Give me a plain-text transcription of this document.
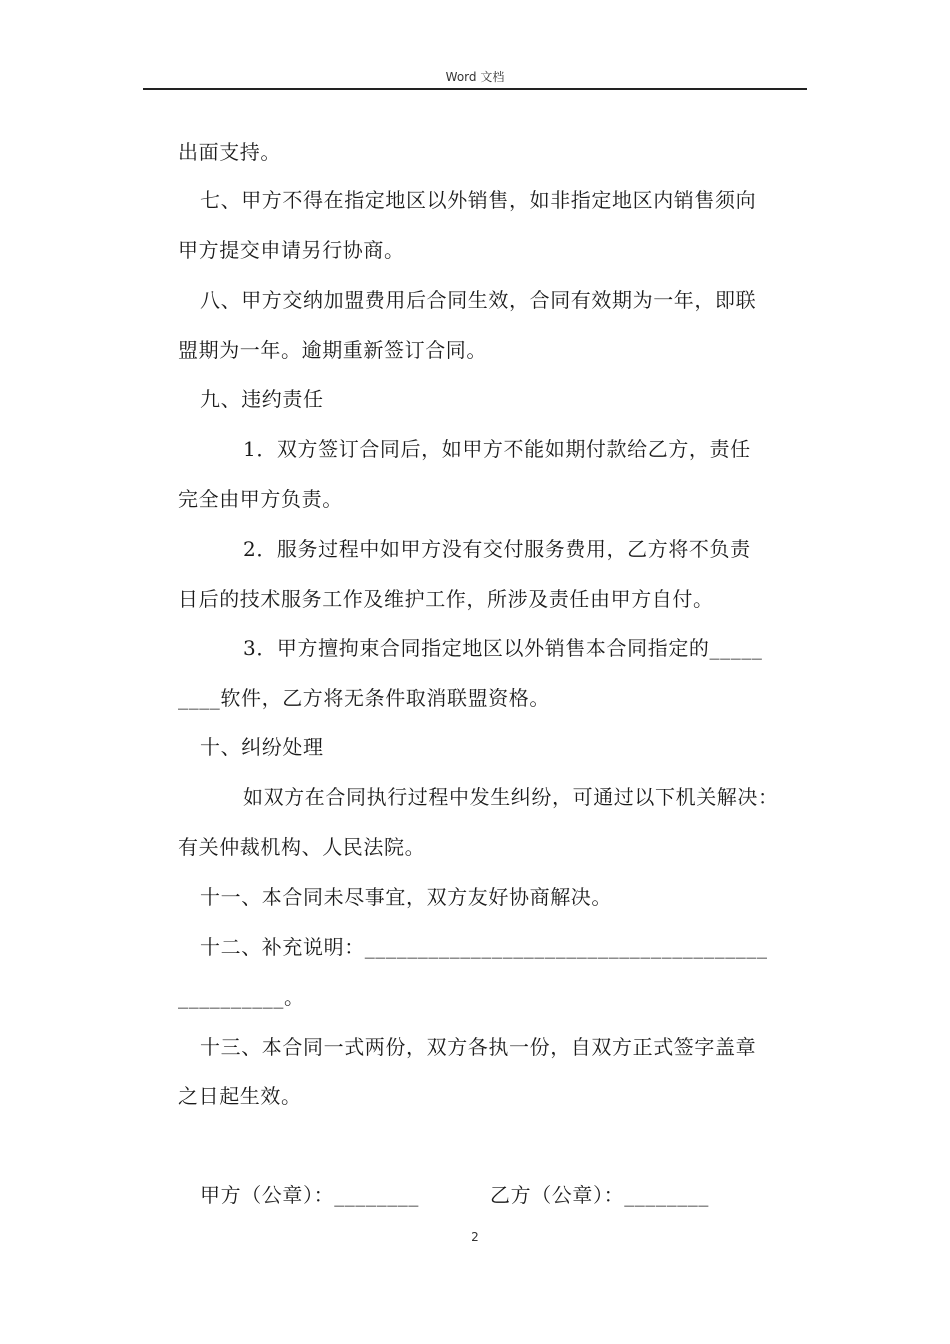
Word 文档
出面支持。
七、甲方不得在指定地区以外销售，如非指定地区内销售须向
甲方提交申请另行协商。
八、甲方交纳加盟费用后合同生效，合同有效期为一年，即联
盟期为一年。逾期重新签订合同。
九、违约责任
1．双方签订合同后，如甲方不能如期付款给乙方，责任
完全由甲方负责。
2．服务过程中如甲方没有交付服务费用，乙方将不负责
日后的技术服务工作及维护工作，所涉及责任由甲方自付。
3．甲方擅拘束合同指定地区以外销售本合同指定的_____
____软件，乙方将无条件取消联盟资格。
十、纠纷处理
如双方在合同执行过程中发生纠纷，可通过以下机关解决：
有关仲裁机构、人民法院。
十一、本合同未尽事宜，双方友好协商解决。
十二、补充说明：______________________________________
__________。
十三、本合同一式两份，双方各执一份，自双方正式签字盖章
之日起生效。
甲方（公章）：________	乙方（公章）：________
2
